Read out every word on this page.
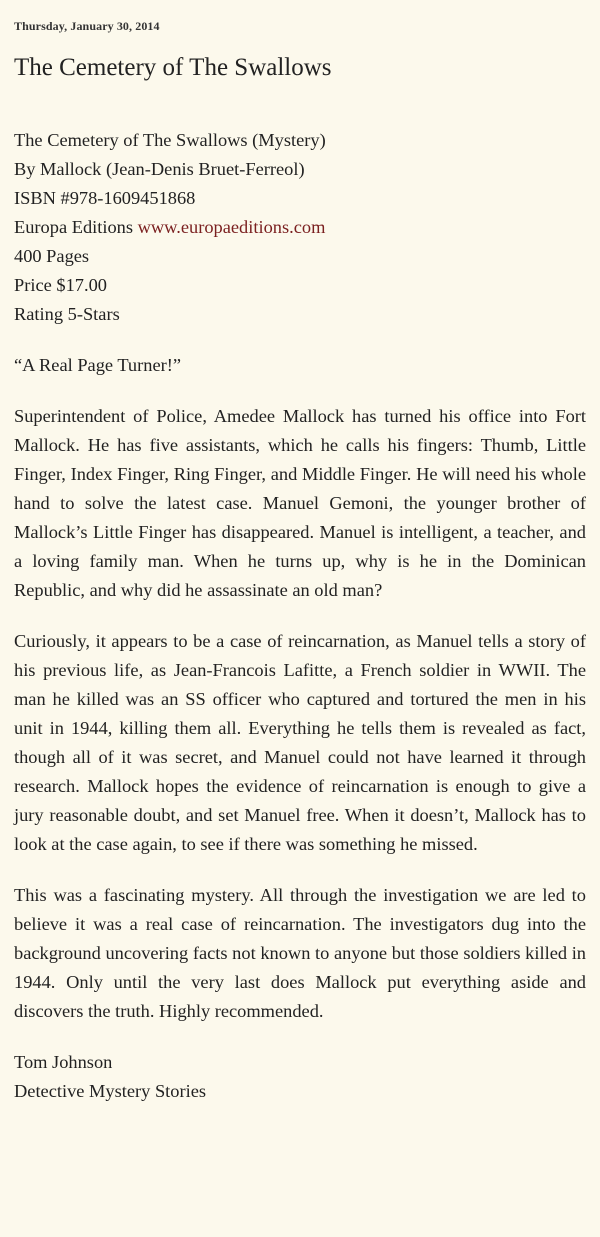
Thursday, January 30, 2014
The Cemetery of The Swallows
The Cemetery of The Swallows (Mystery)
By Mallock (Jean-Denis Bruet-Ferreol)
ISBN #978-1609451868
Europa Editions www.europaeditions.com
400 Pages
Price $17.00
Rating 5-Stars

“A Real Page Turner!”

Superintendent of Police, Amedee Mallock has turned his office into Fort Mallock. He has five assistants, which he calls his fingers: Thumb, Little Finger, Index Finger, Ring Finger, and Middle Finger. He will need his whole hand to solve the latest case. Manuel Gemoni, the younger brother of Mallock’s Little Finger has disappeared. Manuel is intelligent, a teacher, and a loving family man. When he turns up, why is he in the Dominican Republic, and why did he assassinate an old man?

Curiously, it appears to be a case of reincarnation, as Manuel tells a story of his previous life, as Jean-Francois Lafitte, a French soldier in WWII. The man he killed was an SS officer who captured and tortured the men in his unit in 1944, killing them all. Everything he tells them is revealed as fact, though all of it was secret, and Manuel could not have learned it through research. Mallock hopes the evidence of reincarnation is enough to give a jury reasonable doubt, and set Manuel free. When it doesn’t, Mallock has to look at the case again, to see if there was something he missed.

This was a fascinating mystery. All through the investigation we are led to believe it was a real case of reincarnation. The investigators dug into the background uncovering facts not known to anyone but those soldiers killed in 1944. Only until the very last does Mallock put everything aside and discovers the truth. Highly recommended.

Tom Johnson
Detective Mystery Stories
